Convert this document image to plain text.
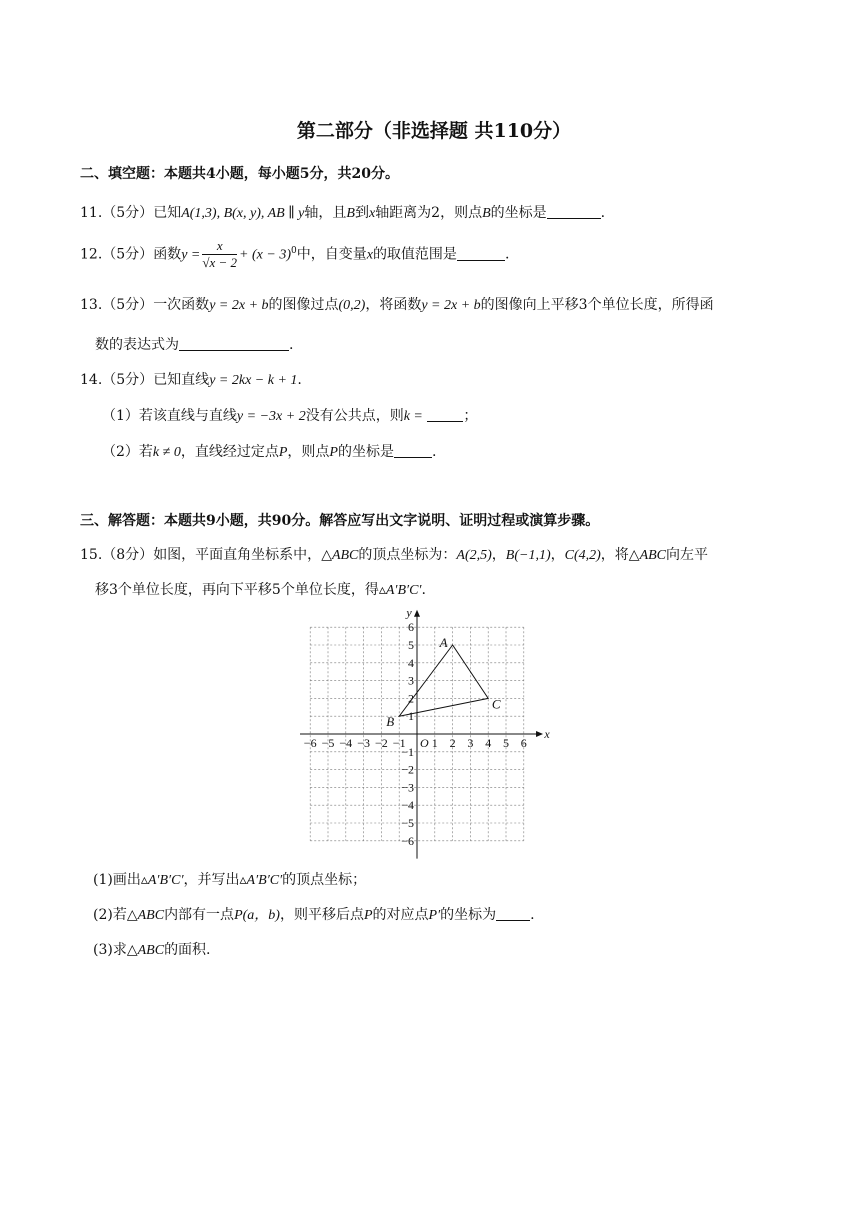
第二部分（非选择题 共110分）
二、填空题：本题共4小题，每小题5分，共20分。
11.（5分）已知A(1,3), B(x, y), AB ∥ y轴，且B到x轴距离为2，则点B的坐标是	.
12.（5分）函数$y = \frac{x}{√x - 2} + (x - 3)^0$中，自变量x的取值范围是	.
13.（5分）一次函数y = 2x + b的图像过点(0,2)，将函数y = 2x + b的图像向上平移3个单位长度，所得函
数的表达式为	.
14.（5分）已知直线y = 2kx − k + 1.
（1）若该直线与直线y = −3x + 2没有公共点，则k =	；
（2）若k ≠ 0，直线经过定点P，则点P的坐标是	.
三、解答题：本题共9小题，共90分。解答应写出文字说明、证明过程或演算步骤。
15.（8分）如图，平面直角坐标系中，△ABC的顶点坐标为：A(2,5)，B(−1,1)，C(4,2)，将△ABC向左平
移3个单位长度，再向下平移5个单位长度，得▵A′B′C′.
−6 −5 −4 −3 −2 −1 1 2 3 4 5 6
1
2
3
4
5
6
−1
−2
−3
−4
−5
−6
x
y
O
A
B
C
(1)画出▵A′B′C′，并写出▵A′B′C′的顶点坐标；
(2)若△ABC内部有一点P(a，b)，则平移后点P的对应点P′的坐标为 .
(3)求△ABC的面积.
